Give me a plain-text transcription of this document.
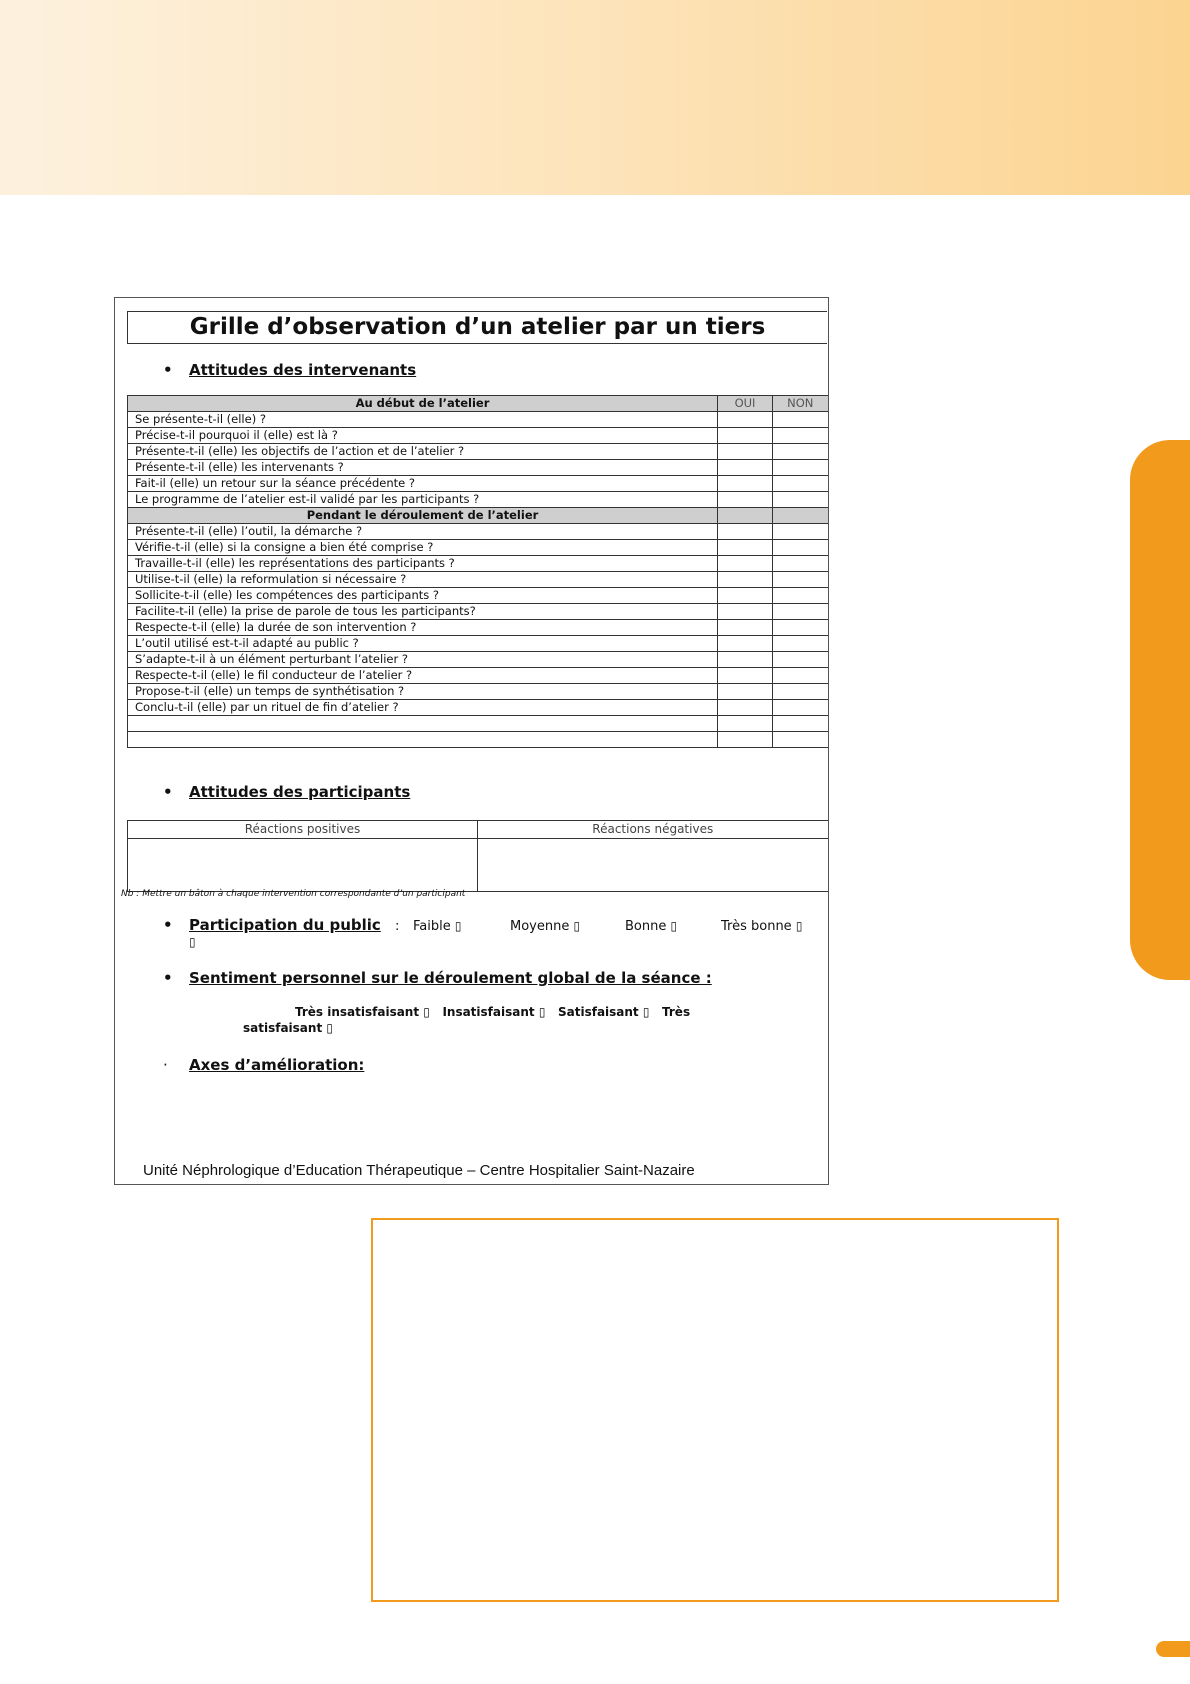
Grille d’observation d’un atelier par un tiers
• Attitudes des intervenants
Au début de l’atelier	OUI	NON
Se présente-t-il (elle) ?		
Précise-t-il pourquoi il (elle) est là ?		
Présente-t-il (elle) les objectifs de l’action et de l’atelier ?		
Présente-t-il (elle) les intervenants ?		
Fait-il (elle) un retour sur la séance précédente ?		
Le programme de l’atelier est-il validé par les participants ?		
Pendant le déroulement de l’atelier		
Présente-t-il (elle) l’outil, la démarche ?		
Vérifie-t-il (elle) si la consigne a bien été comprise ?		
Travaille-t-il (elle) les représentations des participants ?		
Utilise-t-il (elle) la reformulation si nécessaire ?		
Sollicite-t-il (elle) les compétences des participants ?		
Facilite-t-il (elle) la prise de parole de tous les participants?		
Respecte-t-il (elle) la durée de son intervention ?		
L’outil utilisé est-t-il adapté au public ?		
S’adapte-t-il à un élément perturbant l’atelier ?		
Respecte-t-il (elle) le fil conducteur de l’atelier ?		
Propose-t-il (elle) un temps de synthétisation ?		
Conclu-t-il (elle) par un rituel de fin d’atelier ?		

• Attitudes des participants
Réactions positives	Réactions négatives

Nb : Mettre un bâton à chaque intervention correspondante d’un participant
• Participation du public : Faible ▯	Moyenne ▯	Bonne ▯	Très bonne ▯
▯
• Sentiment personnel sur le déroulement global de la séance :
Très insatisfaisant ▯ Insatisfaisant ▯ Satisfaisant ▯ Très
satisfaisant ▯
· Axes d’amélioration:
Unité Néphrologique d’Education Thérapeutique – Centre Hospitalier Saint-Nazaire
